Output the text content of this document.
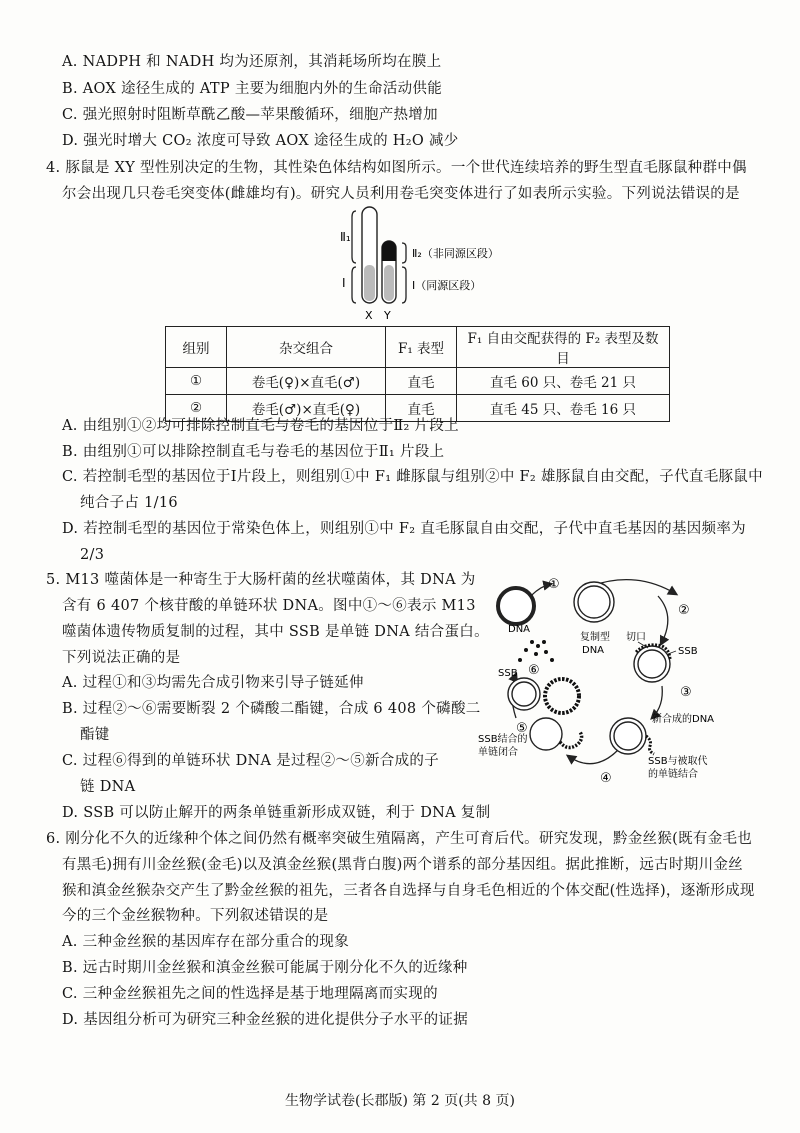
A. NADPH 和 NADH 均为还原剂，其消耗场所均在膜上
B. AOX 途径生成的 ATP 主要为细胞内外的生命活动供能
C. 强光照射时阻断草酰乙酸—苹果酸循环，细胞产热增加
D. 强光时增大 CO₂ 浓度可导致 AOX 途径生成的 H₂O 减少
4. 豚鼠是 XY 型性别决定的生物，其性染色体结构如图所示。一个世代连续培养的野生型直毛豚鼠种群中偶
尔会出现几只卷毛突变体(雌雄均有)。研究人员利用卷毛突变体进行了如表所示实验。下列说法错误的是
Ⅱ₁
Ⅰ
Ⅱ₂（非同源区段）
Ⅰ（同源区段）
X Y
组别	杂交组合	F₁ 表型	F₁ 自由交配获得的 F₂ 表型及数目
①	卷毛(♀)×直毛(♂)	直毛	直毛 60 只、卷毛 21 只
②	卷毛(♂)×直毛(♀)	直毛	直毛 45 只、卷毛 16 只
A. 由组别①②均可排除控制直毛与卷毛的基因位于Ⅱ₂ 片段上
B. 由组别①可以排除控制直毛与卷毛的基因位于Ⅱ₁ 片段上
C. 若控制毛型的基因位于Ⅰ片段上，则组别①中 F₁ 雌豚鼠与组别②中 F₂ 雄豚鼠自由交配，子代直毛豚鼠中
纯合子占 1/16
D. 若控制毛型的基因位于常染色体上，则组别①中 F₂ 直毛豚鼠自由交配，子代中直毛基因的基因频率为
2/3
5. M13 噬菌体是一种寄生于大肠杆菌的丝状噬菌体，其 DNA 为
含有 6 407 个核苷酸的单链环状 DNA。图中①～⑥表示 M13
噬菌体遗传物质复制的过程，其中 SSB 是单链 DNA 结合蛋白。
下列说法正确的是
A. 过程①和③均需先合成引物来引导子链延伸
B. 过程②～⑥需要断裂 2 个磷酸二酯键，合成 6 408 个磷酸二
酯键
C. 过程⑥得到的单链环状 DNA 是过程②～⑤新合成的子
链 DNA
D. SSB 可以防止解开的两条单链重新形成双链，利于 DNA 复制
①
②
③
④
⑤
⑥
复制型
DNA
切口
SSB
新合成的DNA
SSB与被取代
的单链结合
SSB结合的
单链闭合
SSB
DNA
6. 刚分化不久的近缘种个体之间仍然有概率突破生殖隔离，产生可育后代。研究发现，黔金丝猴(既有金毛也
有黑毛)拥有川金丝猴(金毛)以及滇金丝猴(黑背白腹)两个谱系的部分基因组。据此推断，远古时期川金丝
猴和滇金丝猴杂交产生了黔金丝猴的祖先，三者各自选择与自身毛色相近的个体交配(性选择)，逐渐形成现
今的三个金丝猴物种。下列叙述错误的是
A. 三种金丝猴的基因库存在部分重合的现象
B. 远古时期川金丝猴和滇金丝猴可能属于刚分化不久的近缘种
C. 三种金丝猴祖先之间的性选择是基于地理隔离而实现的
D. 基因组分析可为研究三种金丝猴的进化提供分子水平的证据
生物学试卷(长郡版) 第 2 页(共 8 页)
